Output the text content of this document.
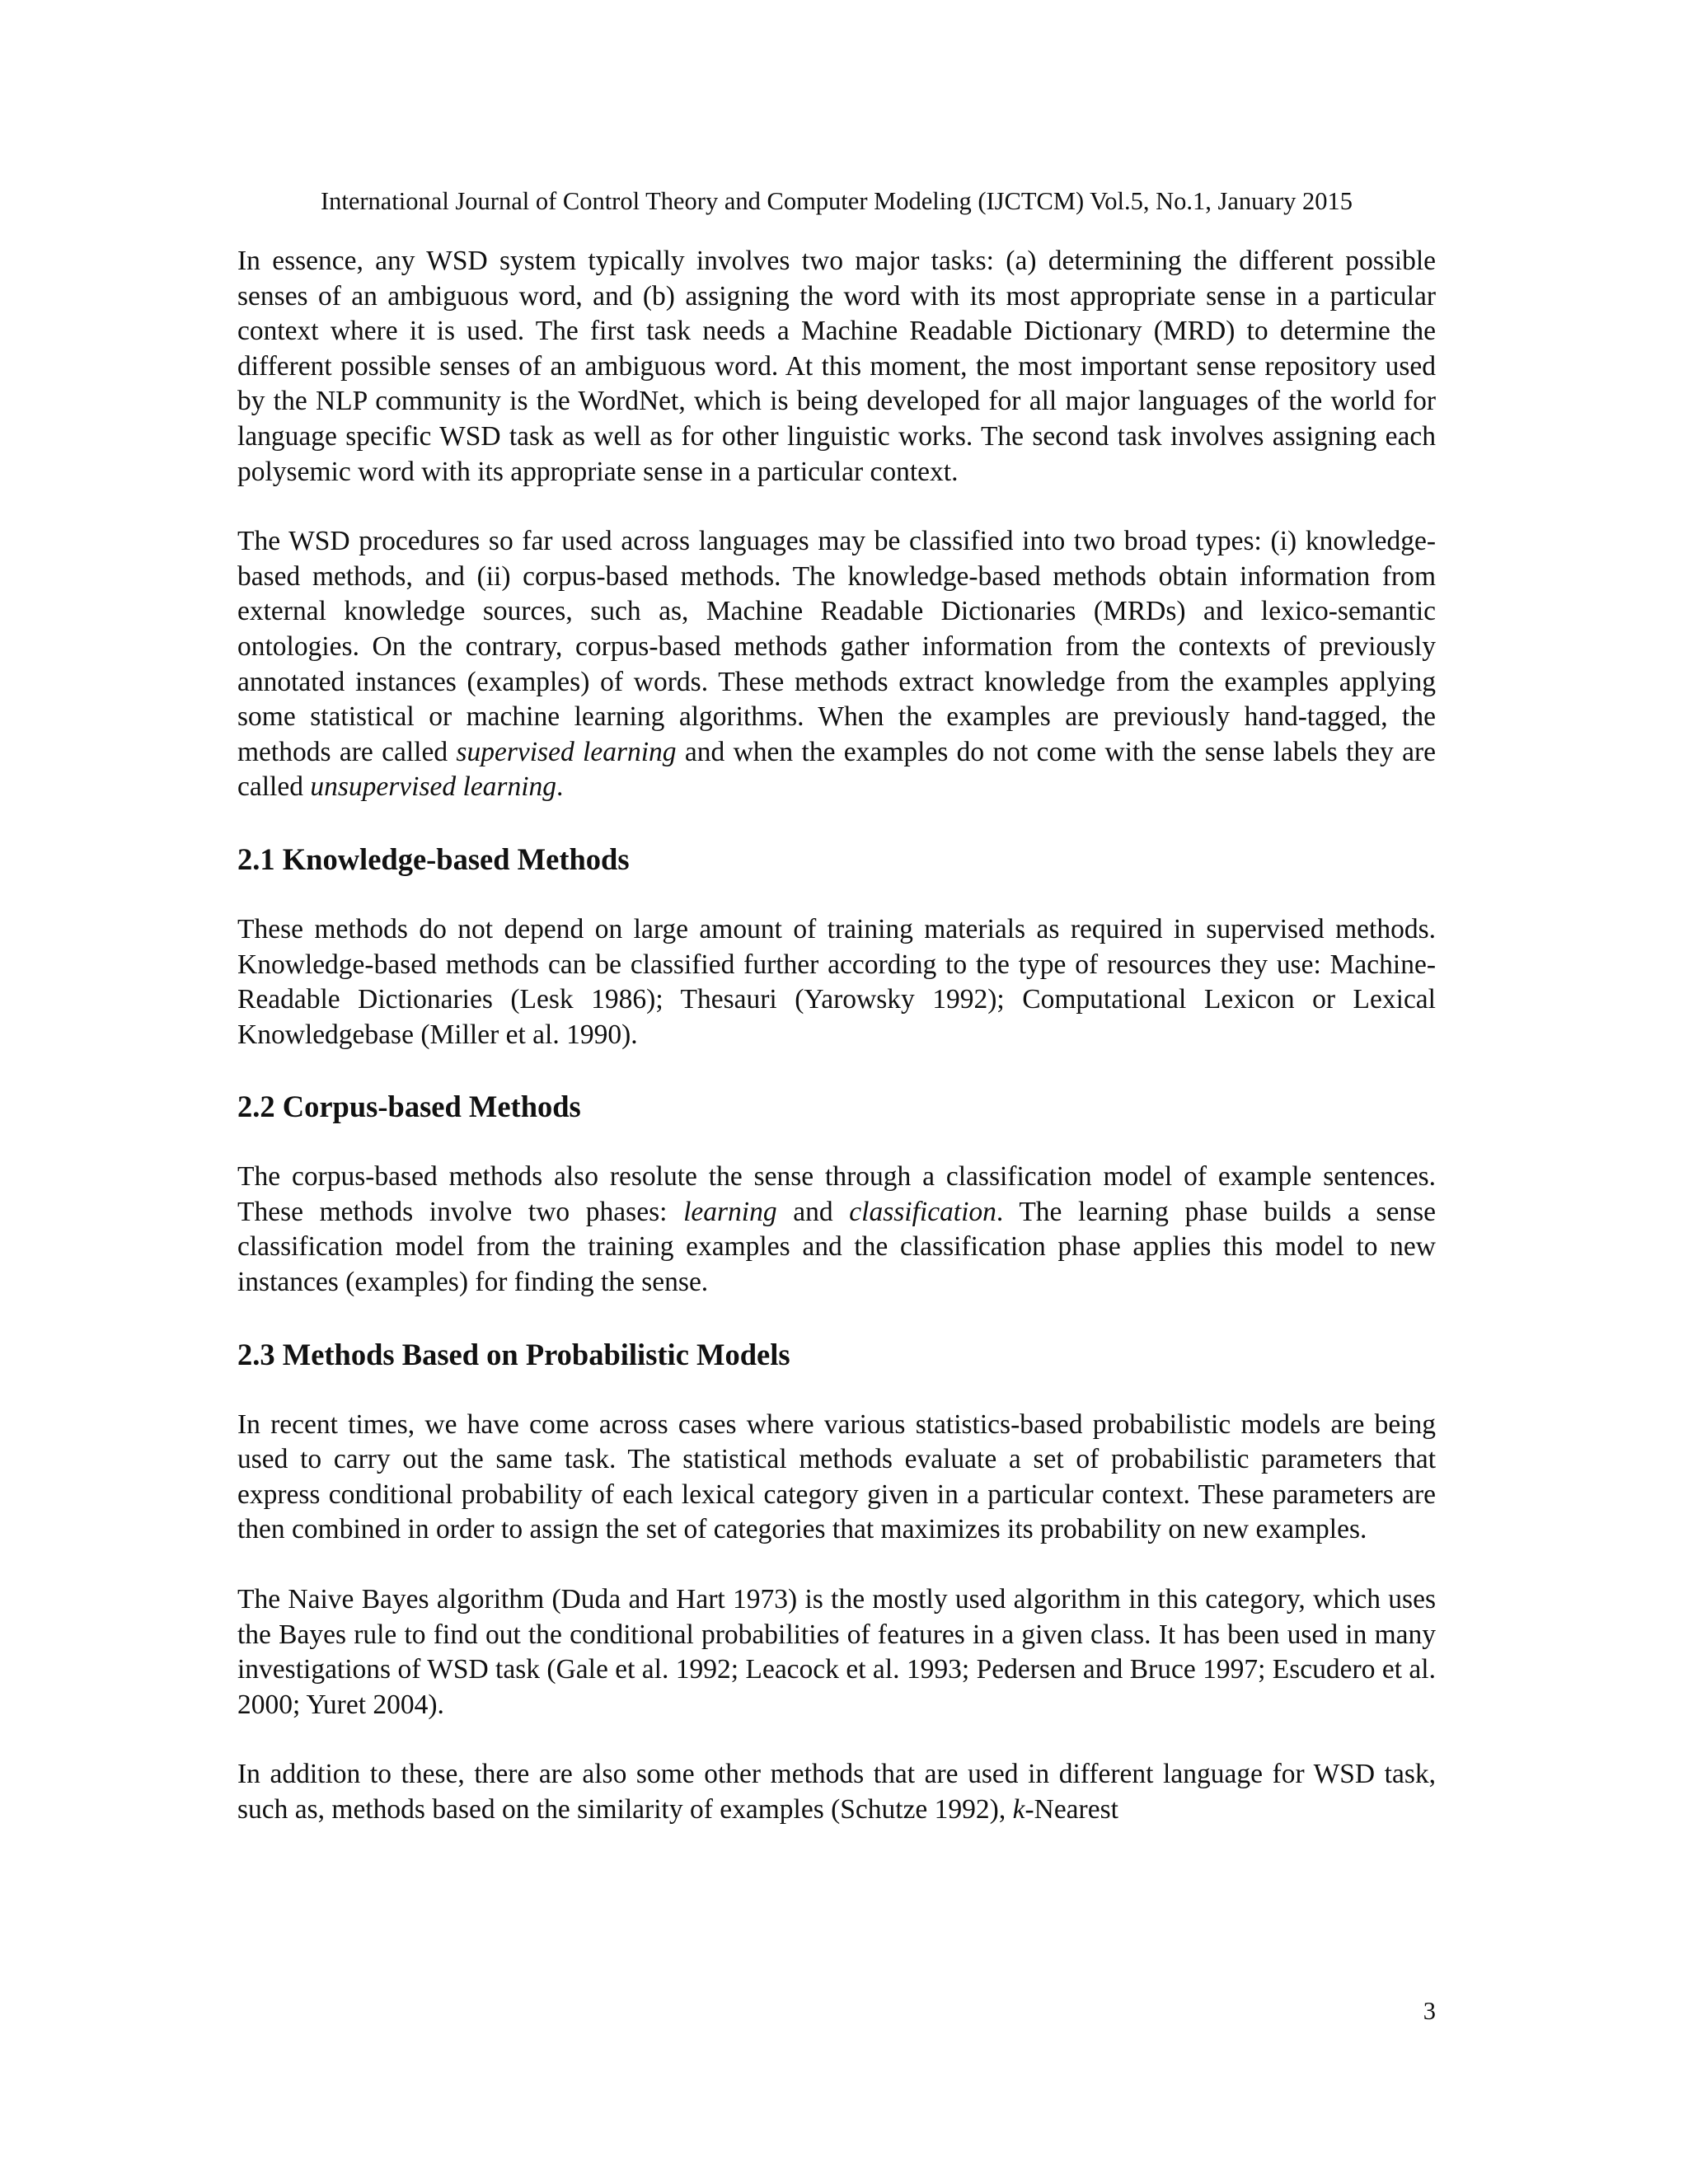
International Journal of Control Theory and Computer Modeling (IJCTCM) Vol.5, No.1, January 2015

In essence, any WSD system typically involves two major tasks: (a) determining the different possible senses of an ambiguous word, and (b) assigning the word with its most appropriate sense in a particular context where it is used. The first task needs a Machine Readable Dictionary (MRD) to determine the different possible senses of an ambiguous word. At this moment, the most important sense repository used by the NLP community is the WordNet, which is being developed for all major languages of the world for language specific WSD task as well as for other linguistic works. The second task involves assigning each polysemic word with its appropriate sense in a particular context.

The WSD procedures so far used across languages may be classified into two broad types: (i) knowledge-based methods, and (ii) corpus-based methods. The knowledge-based methods obtain information from external knowledge sources, such as, Machine Readable Dictionaries (MRDs) and lexico-semantic ontologies. On the contrary, corpus-based methods gather information from the contexts of previously annotated instances (examples) of words. These methods extract knowledge from the examples applying some statistical or machine learning algorithms. When the examples are previously hand-tagged, the methods are called supervised learning and when the examples do not come with the sense labels they are called unsupervised learning.

2.1 Knowledge-based Methods

These methods do not depend on large amount of training materials as required in supervised methods. Knowledge-based methods can be classified further according to the type of resources they use: Machine-Readable Dictionaries (Lesk 1986); Thesauri (Yarowsky 1992); Computational Lexicon or Lexical Knowledgebase (Miller et al. 1990).

2.2 Corpus-based Methods

The corpus-based methods also resolute the sense through a classification model of example sentences. These methods involve two phases: learning and classification. The learning phase builds a sense classification model from the training examples and the classification phase applies this model to new instances (examples) for finding the sense.

2.3 Methods Based on Probabilistic Models

In recent times, we have come across cases where various statistics-based probabilistic models are being used to carry out the same task. The statistical methods evaluate a set of probabilistic parameters that express conditional probability of each lexical category given in a particular context. These parameters are then combined in order to assign the set of categories that maximizes its probability on new examples.

The Naive Bayes algorithm (Duda and Hart 1973) is the mostly used algorithm in this category, which uses the Bayes rule to find out the conditional probabilities of features in a given class. It has been used in many investigations of WSD task (Gale et al. 1992; Leacock et al. 1993; Pedersen and Bruce 1997; Escudero et al. 2000; Yuret 2004).

In addition to these, there are also some other methods that are used in different language for WSD task, such as, methods based on the similarity of examples (Schutze 1992), k-Nearest

3
